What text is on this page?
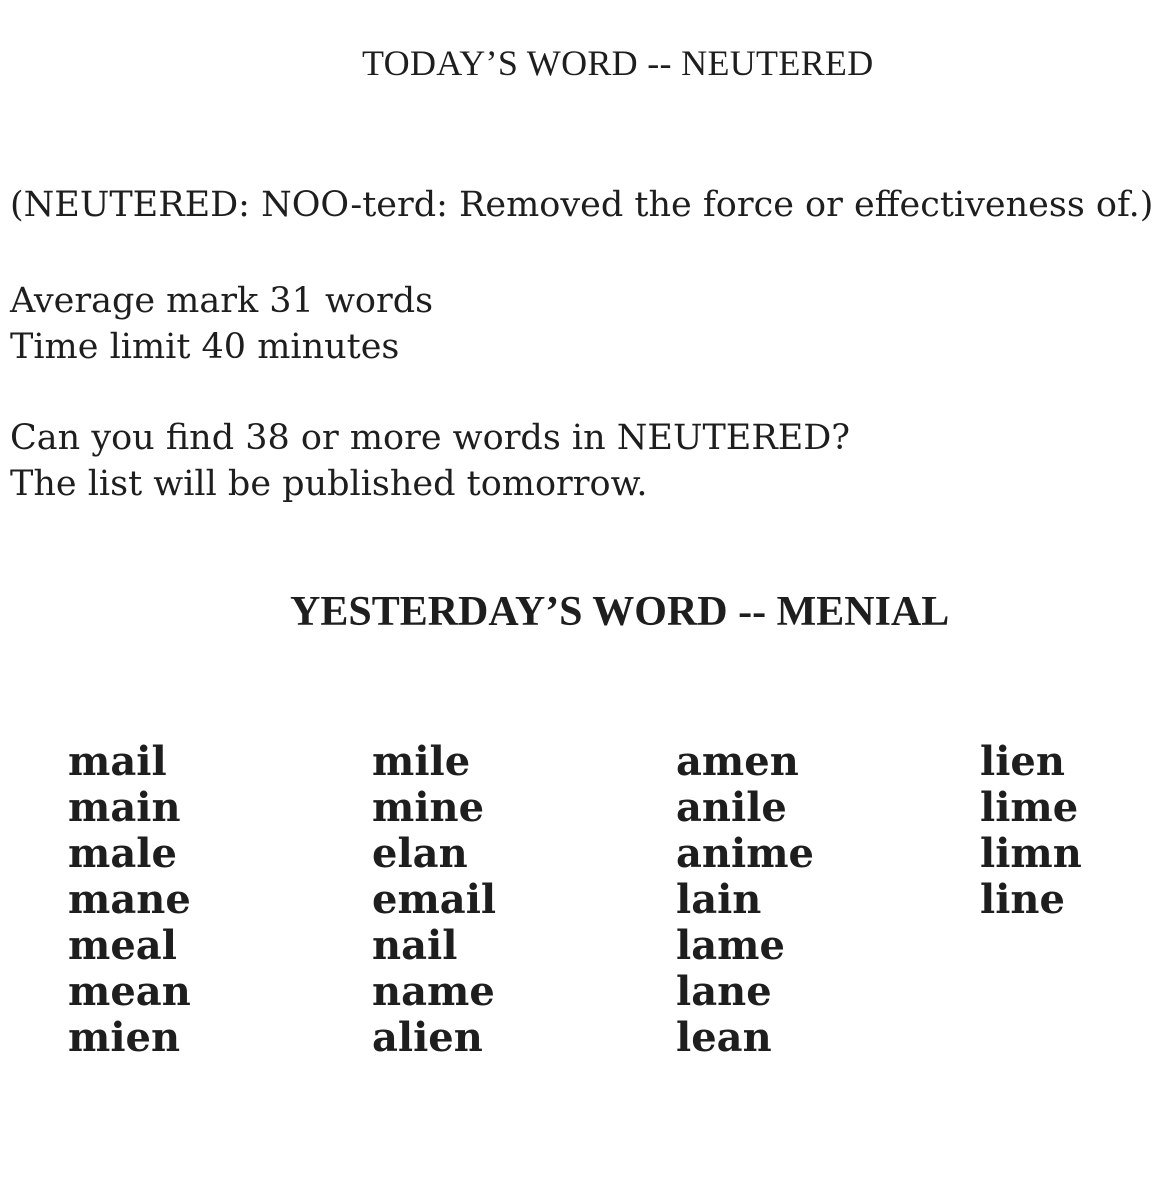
TODAY’S WORD -- NEUTERED
(NEUTERED: NOO-terd: Removed the force or effectiveness of.)
Average mark 31 words
Time limit 40 minutes
Can you find 38 or more words in NEUTERED?
The list will be published tomorrow.
YESTERDAY’S WORD -- MENIAL
mail
main
male
mane
meal
mean
mien
mile
mine
elan
email
nail
name
alien
amen
anile
anime
lain
lame
lane
lean
lien
lime
limn
line
